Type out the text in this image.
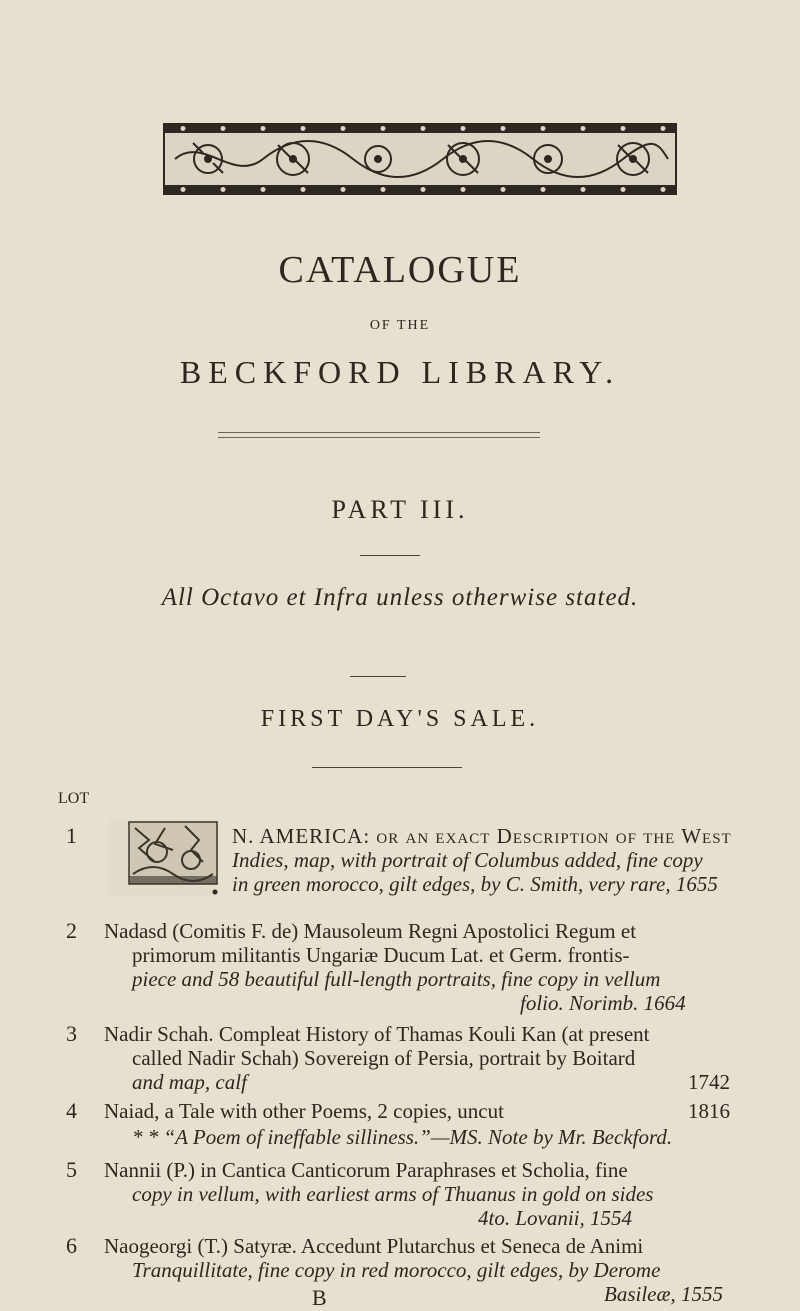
CATALOGUE
OF THE
BECKFORD LIBRARY.
PART III.
All Octavo et Infra unless otherwise stated.
FIRST DAY'S SALE.
LOT
1	N. AMERICA: or an exact Description of the West
Indies, map, with portrait of Columbus added, fine copy
in green morocco, gilt edges, by C. Smith, very rare, 1655
2 Nadasd (Comitis F. de) Mausoleum Regni Apostolici Regum et
primorum militantis Ungariæ Ducum Lat. et Germ. frontis-
piece and 58 beautiful full-length portraits, fine copy in vellum
folio. Norimb. 1664
3 Nadir Schah. Compleat History of Thamas Kouli Kan (at present
called Nadir Schah) Sovereign of Persia, portrait by Boitard
and map, calf	1742
4 Naiad, a Tale with other Poems, 2 copies, uncut	1816
* * “A Poem of ineffable silliness.”—MS. Note by Mr. Beckford.
5 Nannii (P.) in Cantica Canticorum Paraphrases et Scholia, fine
copy in vellum, with earliest arms of Thuanus in gold on sides
4to. Lovanii, 1554
6 Naogeorgi (T.) Satyræ. Accedunt Plutarchus et Seneca de Animi
Tranquillitate, fine copy in red morocco, gilt edges, by Derome
Basileæ, 1555
B
